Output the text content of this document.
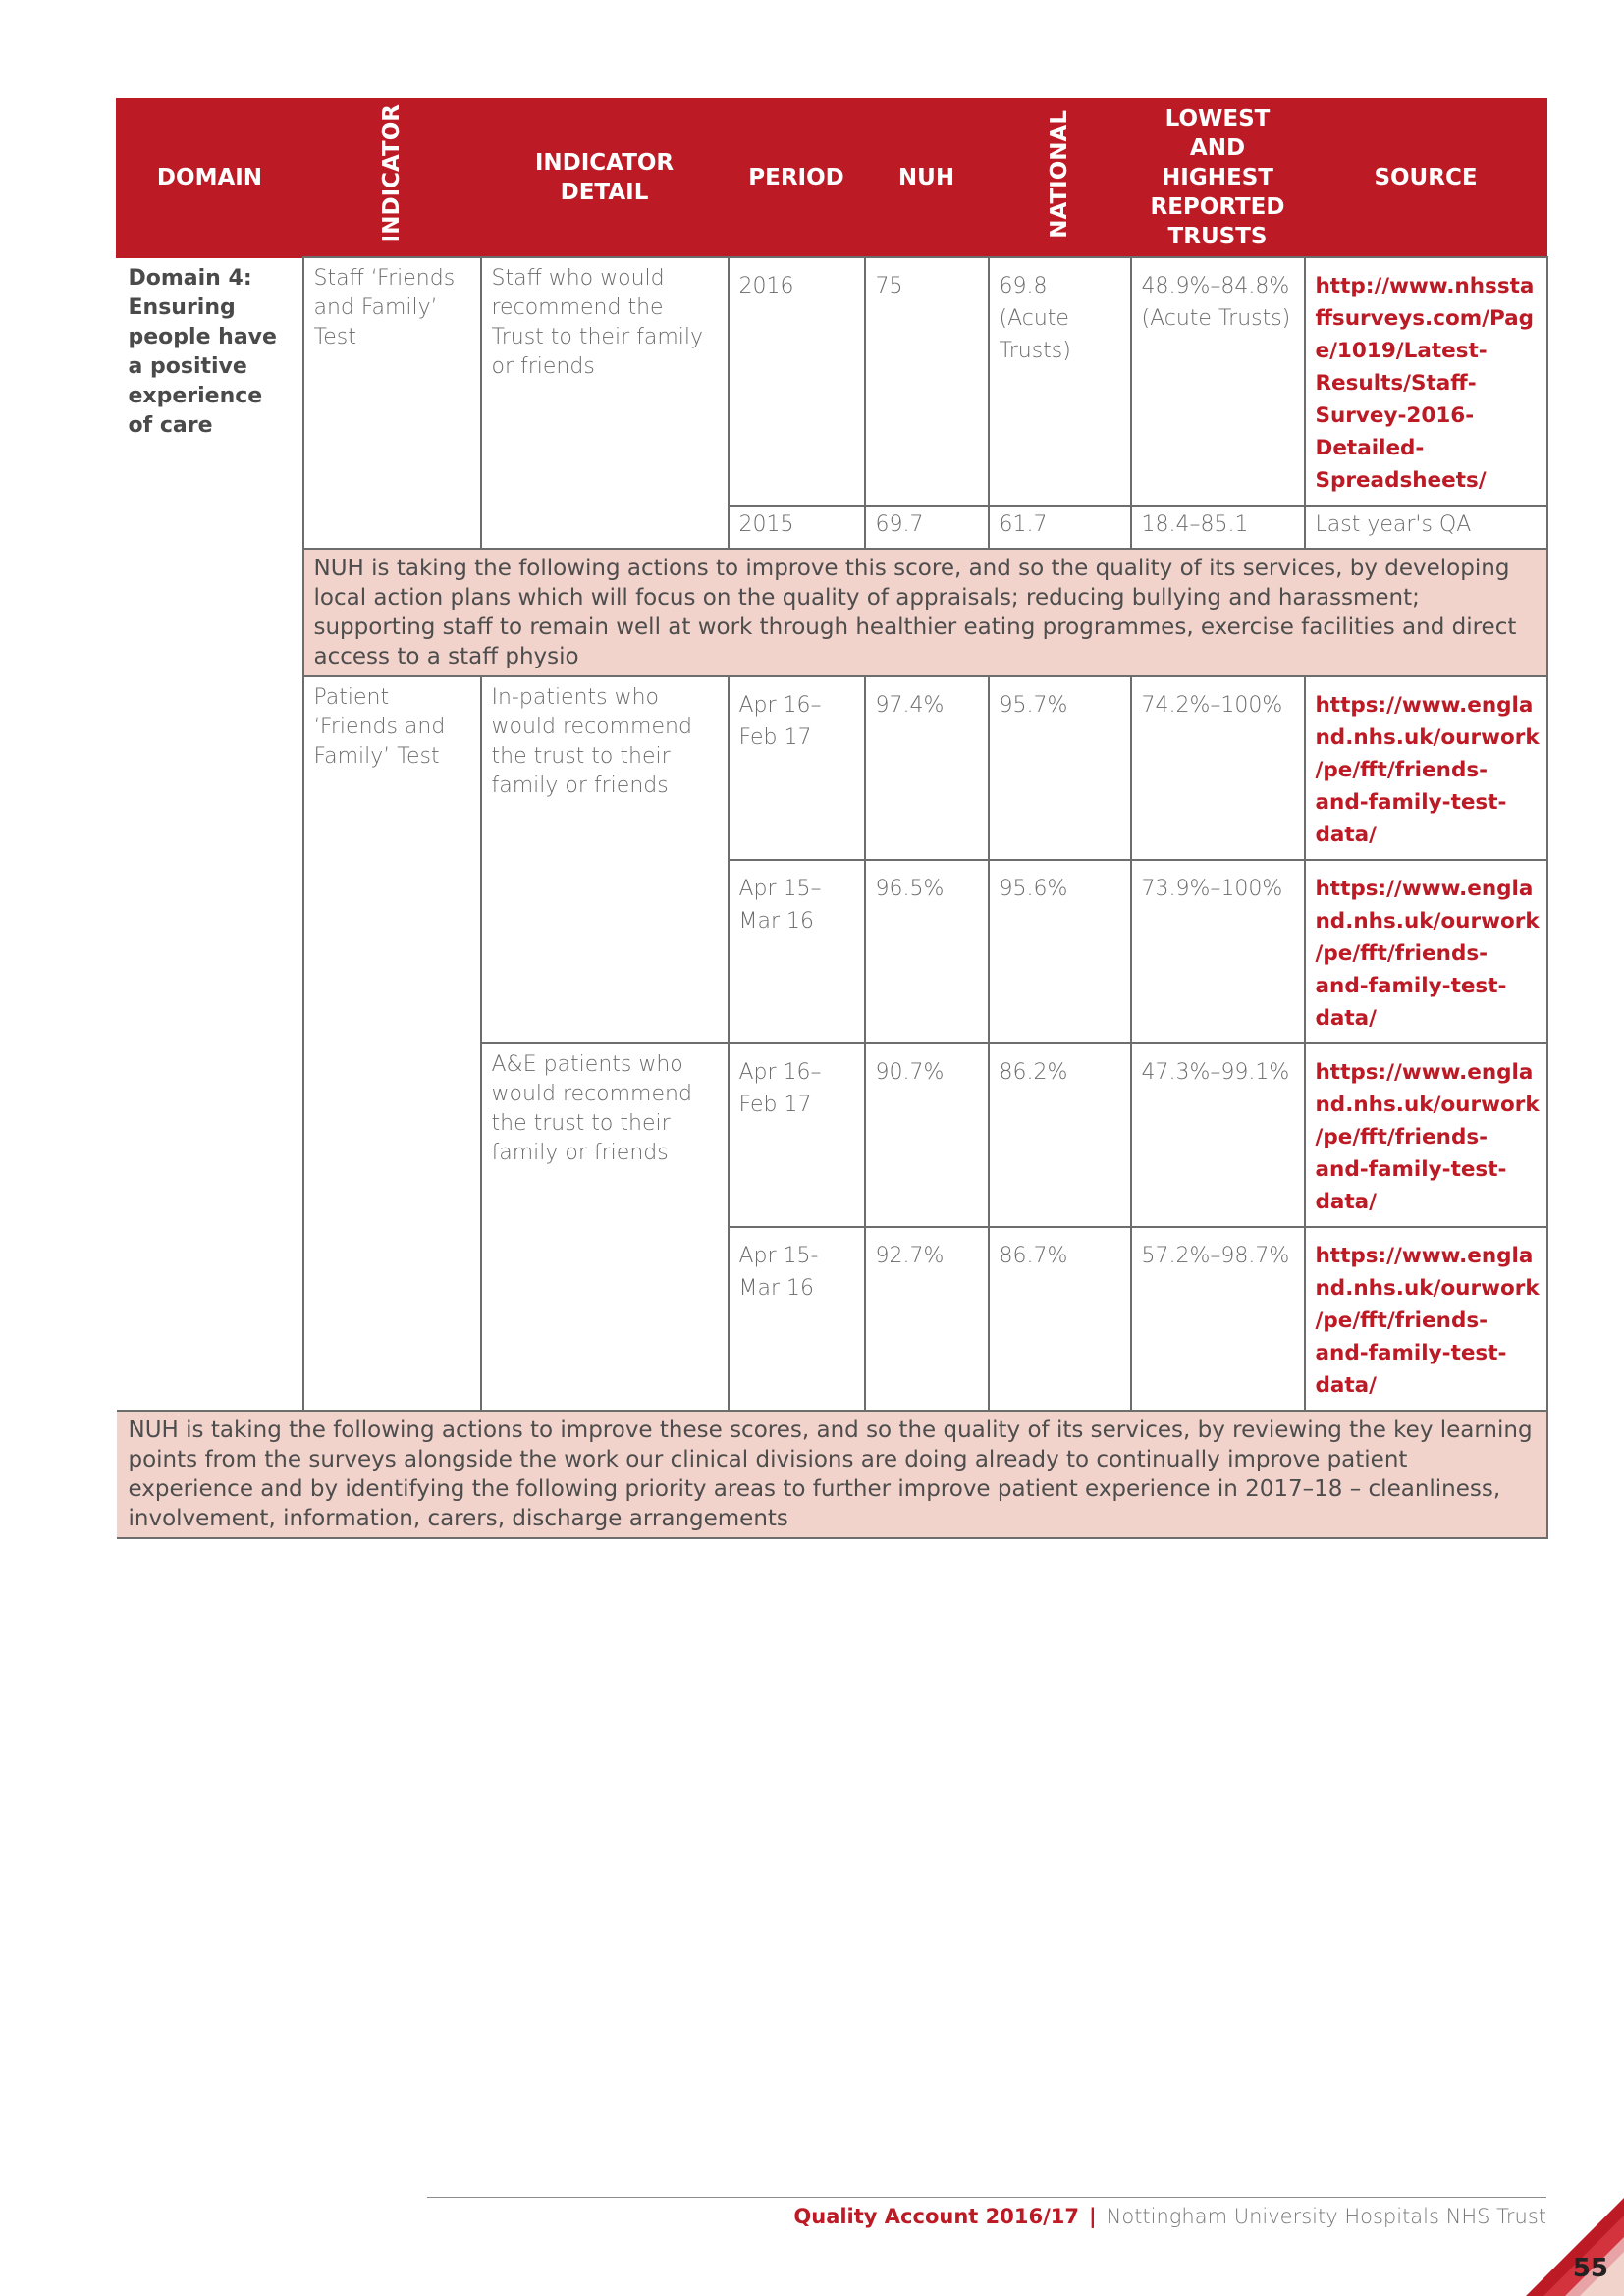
DOMAIN	INDICATOR	INDICATOR DETAIL	PERIOD	NUH	NATIONAL	LOWEST AND HIGHEST REPORTED TRUSTS	SOURCE
Domain 4: Ensuring people have a positive experience of care	Staff ‘Friends and Family’ Test	Staff who would recommend the Trust to their family or friends	2016	75	69.8 (Acute Trusts)	48.9%–84.8% (Acute Trusts)	http://www.nhsstaffsurveys.com/Page/1019/Latest-Results/Staff-Survey-2016-Detailed-Spreadsheets/
			2015	69.7	61.7	18.4–85.1	Last year's QA
	NUH is taking the following actions to improve this score, and so the quality of its services, by developing local action plans which will focus on the quality of appraisals; reducing bullying and harassment; supporting staff to remain well at work through healthier eating programmes, exercise facilities and direct access to a staff physio						
	Patient ‘Friends and Family’ Test	In-patients who would recommend the trust to their family or friends	Apr 16–Feb 17	97.4%	95.7%	74.2%–100%	https://www.england.nhs.uk/ourwork/pe/fft/friends-and-family-test-data/
			Apr 15–Mar 16	96.5%	95.6%	73.9%–100%	https://www.england.nhs.uk/ourwork/pe/fft/friends-and-family-test-data/
		A&E patients who would recommend the trust to their family or friends	Apr 16–Feb 17	90.7%	86.2%	47.3%–99.1%	https://www.england.nhs.uk/ourwork/pe/fft/friends-and-family-test-data/
			Apr 15-Mar 16	92.7%	86.7%	57.2%–98.7%	https://www.england.nhs.uk/ourwork/pe/fft/friends-and-family-test-data/
NUH is taking the following actions to improve these scores, and so the quality of its services, by reviewing the key learning points from the surveys alongside the work our clinical divisions are doing already to continually improve patient experience and by identifying the following priority areas to further improve patient experience in 2017–18 – cleanliness, involvement, information, carers, discharge arrangements							
Quality Account 2016/17 | Nottingham University Hospitals NHS Trust
55
